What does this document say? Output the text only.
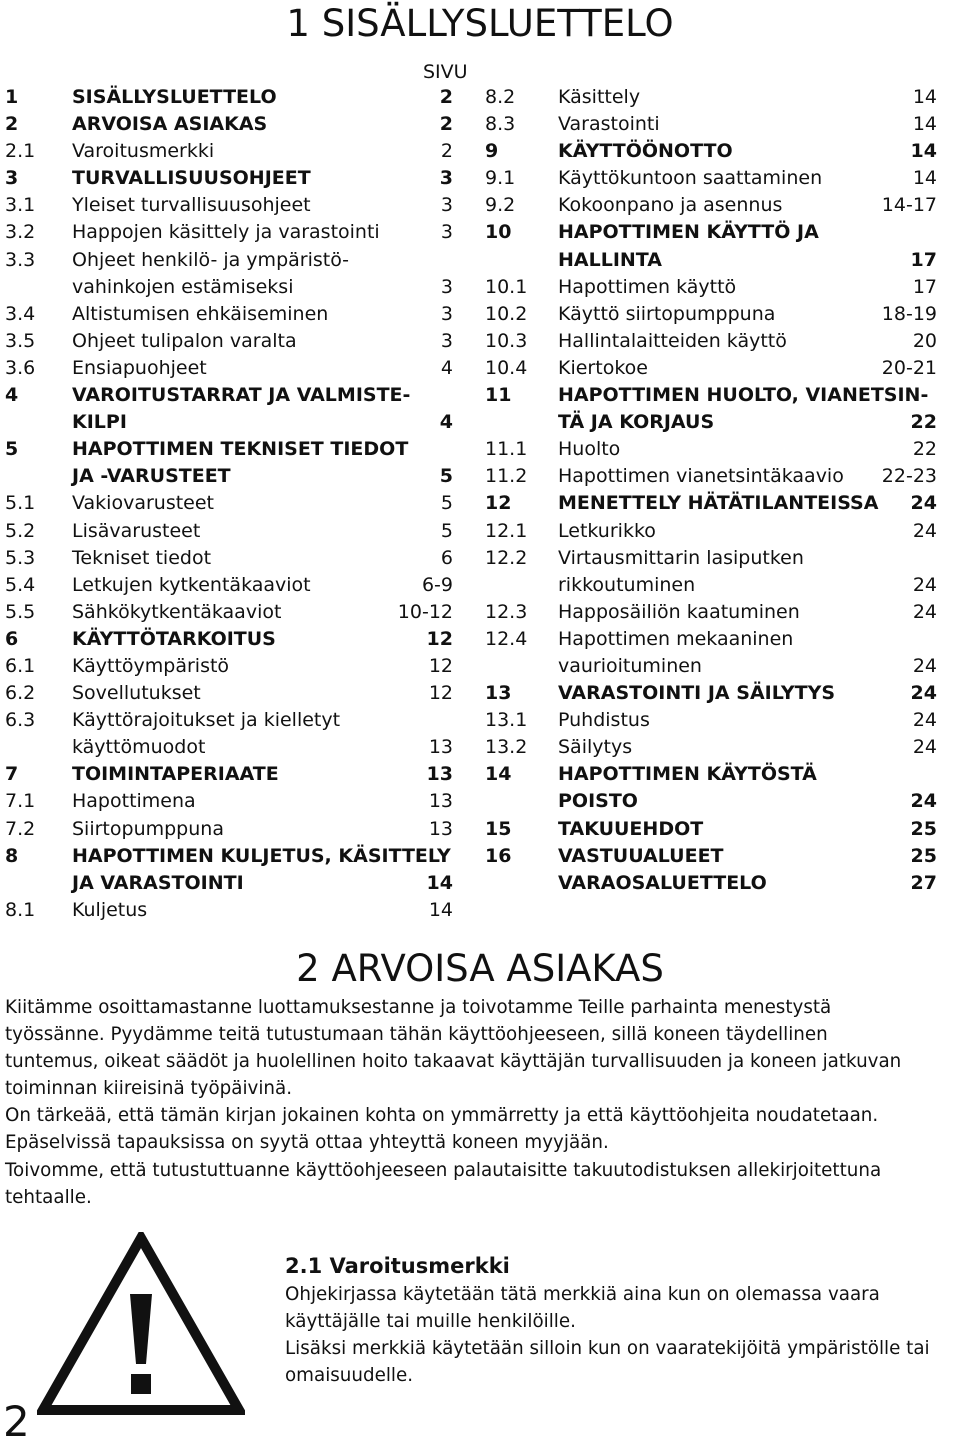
1 SISÄLLYSLUETTELO
SIVU
1	SISÄLLYSLUETTELO	2
2	ARVOISA ASIAKAS	2
2.1 Varoitusmerkki	2
3	TURVALLISUUSOHJEET	3
3.1 Yleiset turvallisuusohjeet	3
3.2 Happojen käsittely ja varastointi	3
3.3 Ohjeet henkilö- ja ympäristö-
vahinkojen estämiseksi	3
3.4 Altistumisen ehkäiseminen	3
3.5 Ohjeet tulipalon varalta	3
3.6 Ensiapuohjeet	4
4	VAROITUSTARRAT JA VALMISTE-
KILPI	4
5	HAPOTTIMEN TEKNISET TIEDOT
JA -VARUSTEET	5
5.1 Vakiovarusteet	5
5.2 Lisävarusteet	5
5.3 Tekniset tiedot	6
5.4 Letkujen kytkentäkaaviot	6-9
5.5 Sähkökytkentäkaaviot	10-12
6	KÄYTTÖTARKOITUS	12
6.1 Käyttöympäristö	12
6.2 Sovellutukset	12
6.3 Käyttörajoitukset ja kielletyt
käyttömuodot	13
7	TOIMINTAPERIAATE	13
7.1 Hapottimena	13
7.2 Siirtopumppuna	13
8	HAPOTTIMEN KULJETUS, KÄSITTELY
JA VARASTOINTI	14
8.1 Kuljetus	14
8.2 Käsittely	14
8.3 Varastointi	14
9	KÄYTTÖÖNOTTO	14
9.1 Käyttökuntoon saattaminen	14
9.2 Kokoonpano ja asennus	14-17
10 HAPOTTIMEN KÄYTTÖ JA
HALLINTA	17
10.1 Hapottimen käyttö	17
10.2 Käyttö siirtopumppuna	18-19
10.3 Hallintalaitteiden käyttö	20
10.4 Kiertokoe	20-21
11 HAPOTTIMEN HUOLTO, VIANETSIN-
TÄ JA KORJAUS	22
11.1 Huolto	22
11.2 Hapottimen vianetsintäkaavio 22-23
12 MENETTELY HÄTÄTILANTEISSA 24
12.1 Letkurikko	24
12.2 Virtausmittarin lasiputken
rikkoutuminen	24
12.3 Happosäiliön kaatuminen	24
12.4 Hapottimen mekaaninen
vaurioituminen	24
13 VARASTOINTI JA SÄILYTYS	24
13.1 Puhdistus	24
13.2 Säilytys	24
14 HAPOTTIMEN KÄYTÖSTÄ
POISTO	24
15 TAKUUEHDOT	25
16 VASTUUALUEET	25
VARAOSALUETTELO	27
2 ARVOISA ASIAKAS

Kiitämme osoittamastanne luottamuksestanne ja toivotamme Teille parhainta menestystä

työssänne. Pyydämme teitä tutustumaan tähän käyttöohjeeseen, sillä koneen täydellinen

tuntemus, oikeat säädöt ja huolellinen hoito takaavat käyttäjän turvallisuuden ja koneen jatkuvan

toiminnan kiireisinä työpäivinä.

On tärkeää, että tämän kirjan jokainen kohta on ymmärretty ja että käyttöohjeita noudatetaan.

Epäselvissä tapauksissa on syytä ottaa yhteyttä koneen myyjään.

Toivomme, että tutustuttuanne käyttöohjeeseen palautaisitte takuutodistuksen allekirjoitettuna

tehtaalle.

2.1 Varoitusmerkki

Ohjekirjassa käytetään tätä merkkiä aina kun on olemassa vaara

käyttäjälle tai muille henkilöille.

Lisäksi merkkiä käytetään silloin kun on vaaratekijöitä ympäristölle tai

omaisuudelle.

2
